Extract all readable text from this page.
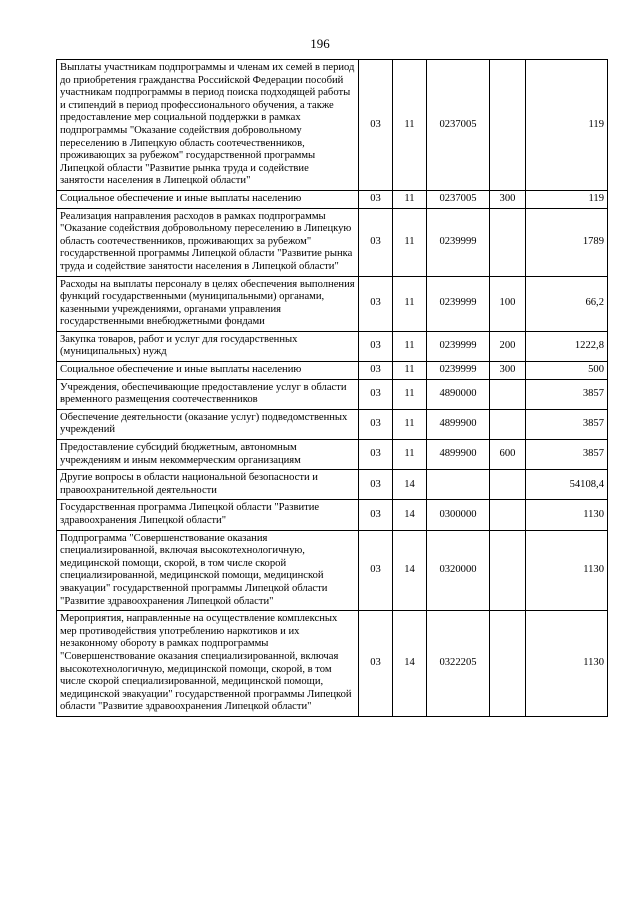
196
Выплаты участникам подпрограммы и членам их семей в период до приобретения гражданства Российской Федерации пособий участникам подпрограммы в период поиска подходящей работы и стипендий в период профессионального обучения, а также предоставление мер социальной поддержки в рамках подпрограммы "Оказание содействия добровольному переселению в Липецкую область соотечественников, проживающих за рубежом" государственной программы Липецкой области "Развитие рынка труда и содействие занятости населения в Липецкой области"	03	11	0237005		119
Социальное обеспечение и иные выплаты населению	03	11	0237005	300	119
Реализация направления расходов в рамках подпрограммы "Оказание содействия добровольному переселению в Липецкую область соотечественников, проживающих за рубежом" государственной программы Липецкой области "Развитие рынка труда и содействие занятости населения в Липецкой области"	03	11	0239999		1789
Расходы на выплаты персоналу в целях обеспечения выполнения функций государственными (муниципальными) органами, казенными учреждениями, органами управления государственными внебюджетными фондами	03	11	0239999	100	66,2
Закупка товаров, работ и услуг для государственных (муниципальных) нужд	03	11	0239999	200	1222,8
Социальное обеспечение и иные выплаты населению	03	11	0239999	300	500
Учреждения, обеспечивающие предоставление услуг в области временного размещения соотечественников	03	11	4890000		3857
Обеспечение деятельности (оказание услуг) подведомственных учреждений	03	11	4899900		3857
Предоставление субсидий бюджетным, автономным учреждениям и иным некоммерческим организациям	03	11	4899900	600	3857
Другие вопросы в области национальной безопасности и правоохранительной деятельности	03	14			54108,4
Государственная программа Липецкой области "Развитие здравоохранения Липецкой области"	03	14	0300000		1130
Подпрограмма "Совершенствование оказания специализированной, включая высокотехнологичную, медицинской помощи, скорой, в том числе скорой специализированной, медицинской помощи, медицинской эвакуации" государственной программы Липецкой области "Развитие здравоохранения Липецкой области"	03	14	0320000		1130
Мероприятия, направленные на осуществление комплексных мер противодействия употреблению наркотиков и их незаконному обороту в рамках подпрограммы "Совершенствование оказания специализированной, включая высокотехнологичную, медицинской помощи, скорой, в том числе скорой специализированной, медицинской помощи, медицинской эвакуации" государственной программы Липецкой области "Развитие здравоохранения Липецкой области"	03	14	0322205		1130
